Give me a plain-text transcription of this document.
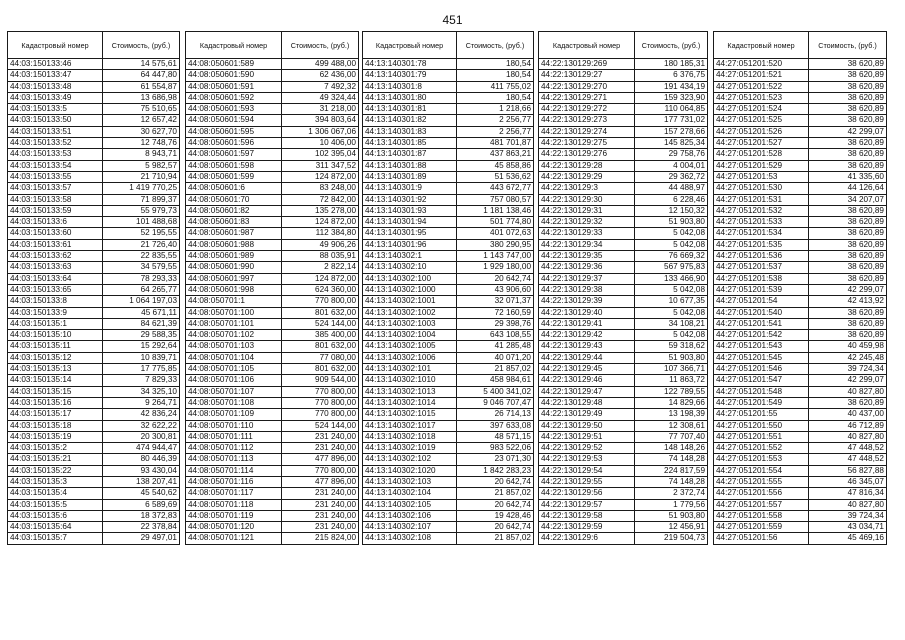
451
Кадастровый номер	Стоимость, (руб.)
44:03:150133:46	14 575,61
44:03:150133:47	64 447,80
44:03:150133:48	61 554,87
44:03:150133:49	13 686,98
44:03:150133:5	75 510,65
44:03:150133:50	12 657,42
44:03:150133:51	30 627,70
44:03:150133:52	12 748,76
44:03:150133:53	8 943,71
44:03:150133:54	5 982,57
44:03:150133:55	21 710,94
44:03:150133:57	1 419 770,25
44:03:150133:58	71 899,37
44:03:150133:59	55 979,73
44:03:150133:6	101 488,68
44:03:150133:60	52 195,55
44:03:150133:61	21 726,40
44:03:150133:62	22 835,55
44:03:150133:63	34 579,55
44:03:150133:64	78 293,33
44:03:150133:65	64 265,77
44:03:150133:8	1 064 197,03
44:03:150133:9	45 671,11
44:03:150135:1	84 621,39
44:03:150135:10	29 588,35
44:03:150135:11	15 292,64
44:03:150135:12	10 839,71
44:03:150135:13	17 775,85
44:03:150135:14	7 829,33
44:03:150135:15	34 325,10
44:03:150135:16	9 264,71
44:03:150135:17	42 836,24
44:03:150135:18	32 622,22
44:03:150135:19	20 300,81
44:03:150135:2	474 944,47
44:03:150135:21	80 446,39
44:03:150135:22	93 430,04
44:03:150135:3	138 207,41
44:03:150135:4	45 540,62
44:03:150135:5	6 589,69
44:03:150135:6	18 372,83
44:03:150135:64	22 378,84
44:03:150135:7	29 497,01
Кадастровый номер	Стоимость, (руб.)
44:08:050601:589	499 488,00
44:08:050601:590	62 436,00
44:08:050601:591	7 492,32
44:08:050601:592	49 324,44
44:08:050601:593	31 218,00
44:08:050601:594	394 803,64
44:08:050601:595	1 306 067,06
44:08:050601:596	10 406,00
44:08:050601:597	102 395,04
44:08:050601:598	311 347,52
44:08:050601:599	124 872,00
44:08:050601:6	83 248,00
44:08:050601:70	72 842,00
44:08:050601:82	135 278,00
44:08:050601:83	124 872,00
44:08:050601:987	112 384,80
44:08:050601:988	49 906,26
44:08:050601:989	88 035,91
44:08:050601:990	2 822,14
44:08:050601:997	124 872,00
44:08:050601:998	624 360,00
44:08:050701:1	770 800,00
44:08:050701:100	801 632,00
44:08:050701:101	524 144,00
44:08:050701:102	385 400,00
44:08:050701:103	801 632,00
44:08:050701:104	77 080,00
44:08:050701:105	801 632,00
44:08:050701:106	909 544,00
44:08:050701:107	770 800,00
44:08:050701:108	770 800,00
44:08:050701:109	770 800,00
44:08:050701:110	524 144,00
44:08:050701:111	231 240,00
44:08:050701:112	231 240,00
44:08:050701:113	477 896,00
44:08:050701:114	770 800,00
44:08:050701:116	477 896,00
44:08:050701:117	231 240,00
44:08:050701:118	231 240,00
44:08:050701:119	231 240,00
44:08:050701:120	231 240,00
44:08:050701:121	215 824,00
Кадастровый номер	Стоимость, (руб.)
44:13:140301:78	180,54
44:13:140301:79	180,54
44:13:140301:8	411 755,02
44:13:140301:80	180,54
44:13:140301:81	1 218,66
44:13:140301:82	2 256,77
44:13:140301:83	2 256,77
44:13:140301:85	481 701,87
44:13:140301:87	437 863,21
44:13:140301:88	45 858,86
44:13:140301:89	51 536,62
44:13:140301:9	443 672,77
44:13:140301:92	757 080,57
44:13:140301:93	1 181 138,46
44:13:140301:94	501 774,80
44:13:140301:95	401 072,63
44:13:140301:96	380 290,95
44:13:140302:1	1 143 747,00
44:13:140302:10	1 929 180,00
44:13:140302:100	20 642,74
44:13:140302:1000	43 906,60
44:13:140302:1001	32 071,37
44:13:140302:1002	72 160,59
44:13:140302:1003	29 398,76
44:13:140302:1004	643 108,55
44:13:140302:1005	41 285,48
44:13:140302:1006	40 071,20
44:13:140302:101	21 857,02
44:13:140302:1010	458 984,61
44:13:140302:1013	5 400 341,02
44:13:140302:1014	9 046 707,47
44:13:140302:1015	26 714,13
44:13:140302:1017	397 633,08
44:13:140302:1018	48 571,15
44:13:140302:1019	983 522,06
44:13:140302:102	23 071,30
44:13:140302:1020	1 842 283,23
44:13:140302:103	20 642,74
44:13:140302:104	21 857,02
44:13:140302:105	20 642,74
44:13:140302:106	19 428,46
44:13:140302:107	20 642,74
44:13:140302:108	21 857,02
Кадастровый номер	Стоимость, (руб.)
44:22:130129:269	180 185,31
44:22:130129:27	6 376,75
44:22:130129:270	191 434,19
44:22:130129:271	159 323,90
44:22:130129:272	110 064,85
44:22:130129:273	177 731,02
44:22:130129:274	157 278,66
44:22:130129:275	145 825,34
44:22:130129:276	29 758,76
44:22:130129:28	4 004,01
44:22:130129:29	29 362,72
44:22:130129:3	44 488,97
44:22:130129:30	6 228,46
44:22:130129:31	12 150,32
44:22:130129:32	51 903,80
44:22:130129:33	5 042,08
44:22:130129:34	5 042,08
44:22:130129:35	76 669,32
44:22:130129:36	567 975,83
44:22:130129:37	133 466,90
44:22:130129:38	5 042,08
44:22:130129:39	10 677,35
44:22:130129:40	5 042,08
44:22:130129:41	34 108,21
44:22:130129:42	5 042,08
44:22:130129:43	59 318,62
44:22:130129:44	51 903,80
44:22:130129:45	107 366,71
44:22:130129:46	11 863,72
44:22:130129:47	122 789,55
44:22:130129:48	14 829,66
44:22:130129:49	13 198,39
44:22:130129:50	12 308,61
44:22:130129:51	77 707,40
44:22:130129:52	148 148,26
44:22:130129:53	74 148,28
44:22:130129:54	224 817,59
44:22:130129:55	74 148,28
44:22:130129:56	2 372,74
44:22:130129:57	1 779,56
44:22:130129:58	51 903,80
44:22:130129:59	12 456,91
44:22:130129:6	219 504,73
Кадастровый номер	Стоимость, (руб.)
44:27:051201:520	38 620,89
44:27:051201:521	38 620,89
44:27:051201:522	38 620,89
44:27:051201:523	38 620,89
44:27:051201:524	38 620,89
44:27:051201:525	38 620,89
44:27:051201:526	42 299,07
44:27:051201:527	38 620,89
44:27:051201:528	38 620,89
44:27:051201:529	38 620,89
44:27:051201:53	41 335,60
44:27:051201:530	44 126,64
44:27:051201:531	34 207,07
44:27:051201:532	38 620,89
44:27:051201:533	38 620,89
44:27:051201:534	38 620,89
44:27:051201:535	38 620,89
44:27:051201:536	38 620,89
44:27:051201:537	38 620,89
44:27:051201:538	38 620,89
44:27:051201:539	42 299,07
44:27:051201:54	42 413,92
44:27:051201:540	38 620,89
44:27:051201:541	38 620,89
44:27:051201:542	38 620,89
44:27:051201:543	40 459,98
44:27:051201:545	42 245,48
44:27:051201:546	39 724,34
44:27:051201:547	42 299,07
44:27:051201:548	40 827,80
44:27:051201:549	38 620,89
44:27:051201:55	40 437,00
44:27:051201:550	46 712,89
44:27:051201:551	40 827,80
44:27:051201:552	47 448,52
44:27:051201:553	47 448,52
44:27:051201:554	56 827,88
44:27:051201:555	46 345,07
44:27:051201:556	47 816,34
44:27:051201:557	40 827,80
44:27:051201:558	39 724,34
44:27:051201:559	43 034,71
44:27:051201:56	45 469,16
